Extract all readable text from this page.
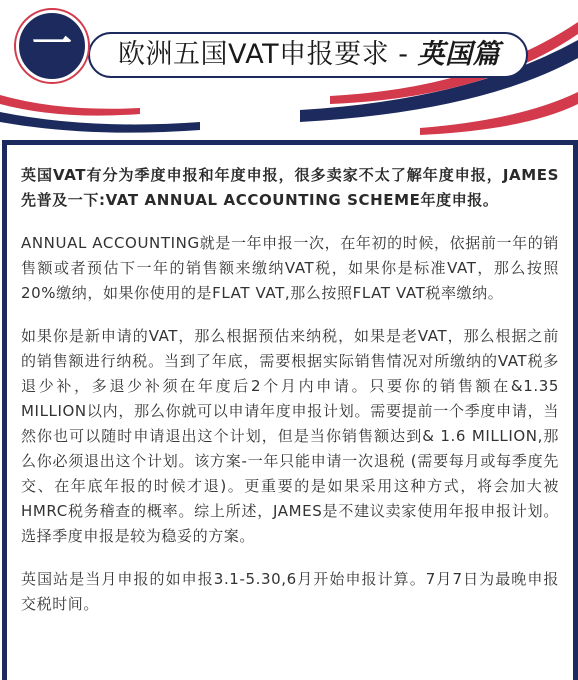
一	欧洲五国VAT申报要求 - 英国篇

英国VAT有分为季度申报和年度申报，很多卖家不太了解年度申报，JAMES先普及一下:VAT ANNUAL ACCOUNTING SCHEME年度申报。

ANNUAL ACCOUNTING就是一年申报一次，在年初的时候，依据前一年的销售额或者预估下一年的销售额来缴纳VAT税，如果你是标准VAT，那么按照20%缴纳，如果你使用的是FLAT VAT,那么按照FLAT VAT税率缴纳。

如果你是新申请的VAT，那么根据预估来纳税，如果是老VAT，那么根据之前的销售额进行纳税。当到了年底，需要根据实际销售情况对所缴纳的VAT税多退少补，多退少补须在年度后2个月内申请。只要你的销售额在&1.35 MILLION以内，那么你就可以申请年度申报计划。需要提前一个季度申请，当然你也可以随时申请退出这个计划，但是当你销售额达到& 1.6 MILLION,那么你必须退出这个计划。该方案-一年只能申请一次退税 (需要每月或每季度先交、在年底年报的时候才退)。更重要的是如果采用这种方式，将会加大被HMRC税务稽查的概率。综上所述，JAMES是不建议卖家使用年报申报计划。选择季度申报是较为稳妥的方案。

英国站是当月申报的如申报3.1-5.30,6月开始申报计算。7月7日为最晚申报交税时间。
